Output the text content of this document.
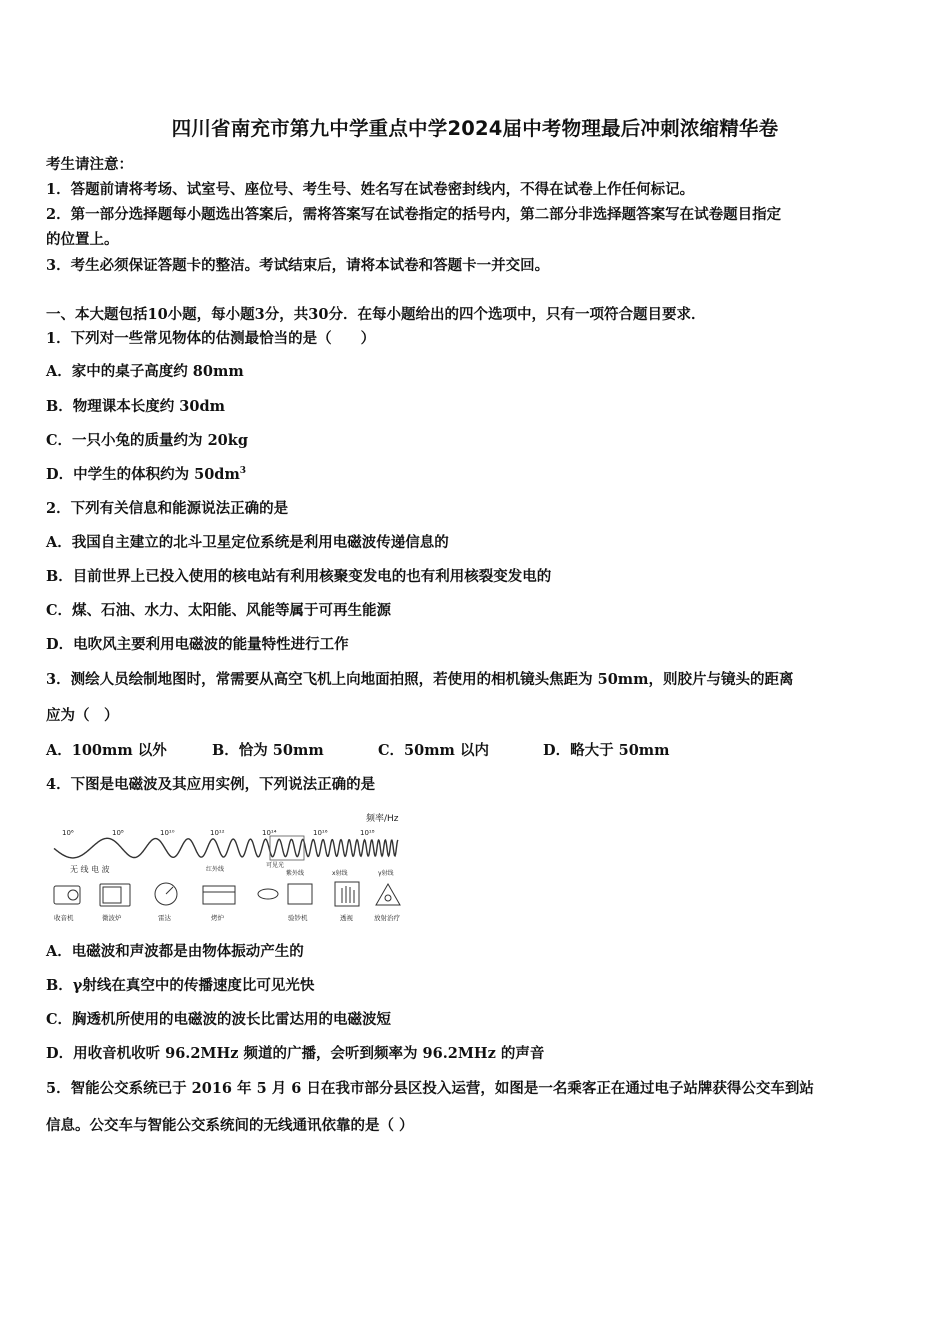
四川省南充市第九中学重点中学2024届中考物理最后冲刺浓缩精华卷
考生请注意：
1．答题前请将考场、试室号、座位号、考生号、姓名写在试卷密封线内，不得在试卷上作任何标记。
2．第一部分选择题每小题选出答案后，需将答案写在试卷指定的括号内，第二部分非选择题答案写在试卷题目指定
的位置上。
3．考生必须保证答题卡的整洁。考试结束后，请将本试卷和答题卡一并交回。
一、本大题包括10小题，每小题3分，共30分．在每小题给出的四个选项中，只有一项符合题目要求．
1．下列对一些常见物体的估测最恰当的是（　　）
A．家中的桌子高度约 80mm
B．物理课本长度约 30dm
C．一只小兔的质量约为 20kg
D．中学生的体积约为 $50dm^3$
2．下列有关信息和能源说法正确的是
A．我国自主建立的北斗卫星定位系统是利用电磁波传递信息的
B．目前世界上已投入使用的核电站有利用核聚变发电的也有利用核裂变发电的
C．煤、石油、水力、太阳能、风能等属于可再生能源
D．电吹风主要利用电磁波的能量特性进行工作
3．测绘人员绘制地图时，常需要从高空飞机上向地面拍照，若使用的相机镜头焦距为 50mm，则胶片与镜头的距离
应为（　）
A．100mm 以外	B．恰为 50mm	C．50mm 以内	D．略大于 50mm
4．下图是电磁波及其应用实例，下列说法正确的是
频率/Hz
10⁶	10⁸	10¹⁰	10¹²	10¹⁴	10¹⁶	10¹⁸
无 线 电 波	红外线
可见光
紫外线	x射线	γ射线
收音机	微波炉	雷达	烤炉	验钞机	透视	放射治疗
A．电磁波和声波都是由物体振动产生的
B．γ射线在真空中的传播速度比可见光快
C．胸透机所使用的电磁波的波长比雷达用的电磁波短
D．用收音机收听 96.2MHz 频道的广播，会听到频率为 96.2MHz 的声音
5．智能公交系统已于 2016 年 5 月 6 日在我市部分县区投入运营，如图是一名乘客正在通过电子站牌获得公交车到站
信息。公交车与智能公交系统间的无线通讯依靠的是（ ）
